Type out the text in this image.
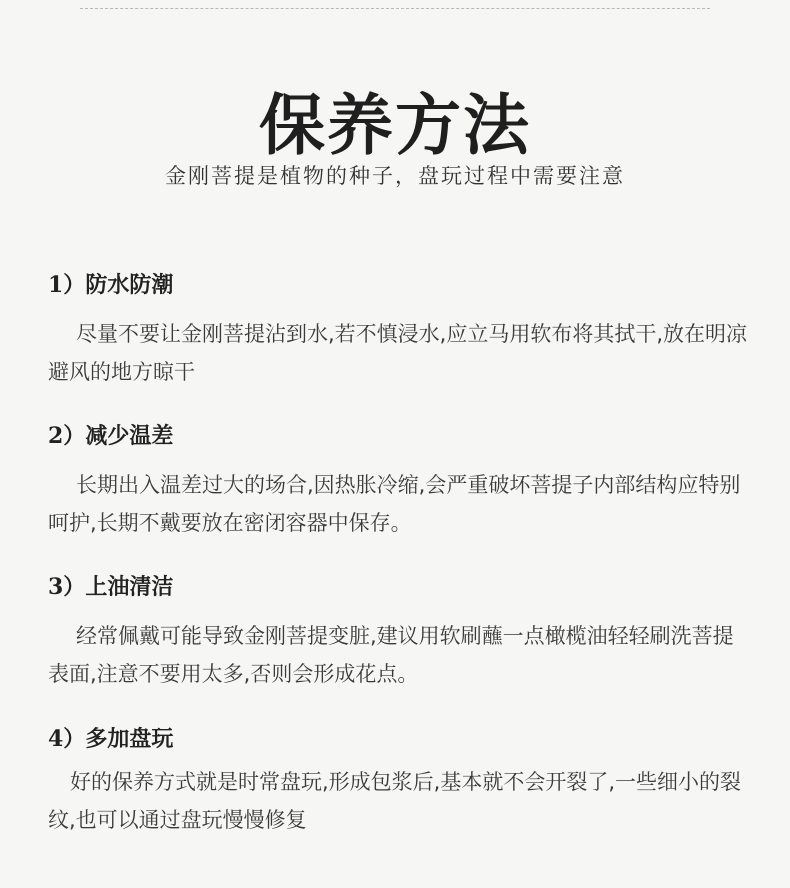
保养方法
金刚菩提是植物的种子，盘玩过程中需要注意
1）防水防潮

尽量不要让金刚菩提沾到水,若不慎浸水,应立马用软布将其拭干,放在明凉避风的地方晾干

2）减少温差

长期出入温差过大的场合,因热胀冷缩,会严重破坏菩提子内部结构应特别呵护,长期不戴要放在密闭容器中保存。

3）上油清洁

经常佩戴可能导致金刚菩提变脏,建议用软刷蘸一点橄榄油轻轻刷洗菩提表面,注意不要用太多,否则会形成花点。

4）多加盘玩

好的保养方式就是时常盘玩,形成包浆后,基本就不会开裂了,一些细小的裂纹,也可以通过盘玩慢慢修复
